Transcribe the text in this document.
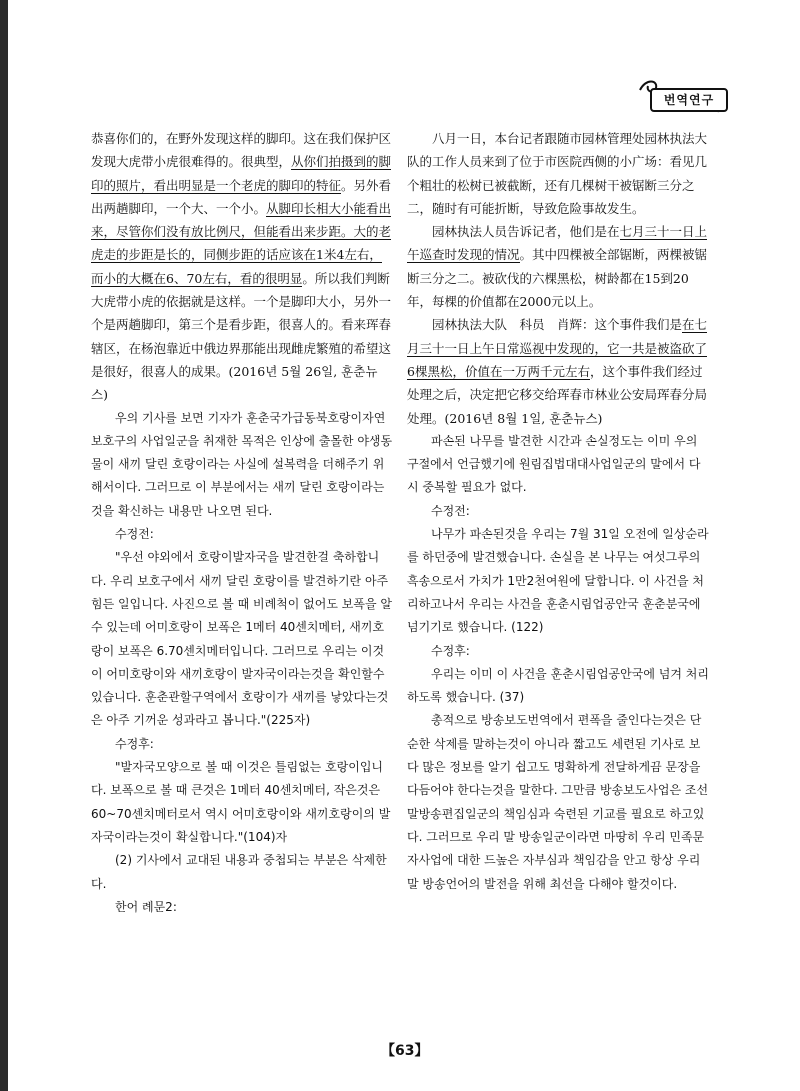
번역연구

恭喜你们的，在野外发现这样的脚印。这在我们保护区发现大虎带小虎很难得的。很典型，从你们拍摄到的脚印的照片，看出明显是一个老虎的脚印的特征。另外看出两趟脚印，一个大、一个小。从脚印长相大小能看出来，尽管你们没有放比例尺，但能看出来步距。大的老虎走的步距是长的，同侧步距的话应该在1米4左右，而小的大概在6、70左右，看的很明显。所以我们判断大虎带小虎的依据就是这样。一个是脚印大小，另外一个是两趟脚印，第三个是看步距，很喜人的。看来珲春辖区，在杨泡靠近中俄边界那能出现雌虎繁殖的希望这是很好，很喜人的成果。(2016년 5월 26일, 훈춘뉴스)

우의 기사를 보면 기자가 훈춘국가급동북호랑이자연보호구의 사업일군을 취재한 목적은 인상에 출몰한 야생동물이 새끼 달린 호랑이라는 사실에 설복력을 더해주기 위해서이다. 그러므로 이 부분에서는 새끼 달린 호랑이라는것을 확신하는 내용만 나오면 된다.

수정전:

"우선 야외에서 호랑이발자국을 발견한걸 축하합니다. 우리 보호구에서 새끼 달린 호랑이를 발견하기란 아주 힘든 일입니다. 사진으로 볼 때 비례척이 없어도 보폭을 알수 있는데 어미호랑이 보폭은 1메터 40센치메터, 새끼호랑이 보폭은 6.70센치메터입니다. 그러므로 우리는 이것이 어미호랑이와 새끼호랑이 발자국이라는것을 확인할수 있습니다. 훈춘관할구역에서 호랑이가 새끼를 낳았다는것은 아주 기꺼운 성과라고 봅니다."(225자)

수정후:

"발자국모양으로 볼 때 이것은 틀림없는 호랑이입니다. 보폭으로 볼 때 큰것은 1메터 40센치메터, 작은것은 60~70센치메터로서 역시 어미호랑이와 새끼호랑이의 발자국이라는것이 확실합니다."(104)자

(2) 기사에서 교대된 내용과 중첩되는 부분은 삭제한다.

한어 례문2:

八月一日，本台记者跟随市园林管理处园林执法大队的工作人员来到了位于市医院西侧的小广场：看见几个粗壮的松树已被截断，还有几棵树干被锯断三分之二，随时有可能折断，导致危险事故发生。

园林执法人员告诉记者，他们是在七月三十一日上午巡查时发现的情况。其中四棵被全部锯断，两棵被锯断三分之二。被砍伐的六棵黑松，树龄都在15到20年，每棵的价值都在2000元以上。

园林执法大队　科员　肖辉：这个事件我们是在七月三十一日上午日常巡视中发现的，它一共是被盗砍了6棵黑松，价值在一万两千元左右，这个事件我们经过处理之后，决定把它移交给珲春市林业公安局珲春分局处理。(2016년 8월 1일, 훈춘뉴스)

파손된 나무를 발견한 시간과 손실정도는 이미 우의 구절에서 언급했기에 원림집법대대사업일군의 말에서 다시 중복할 필요가 없다.

수정전:

나무가 파손된것을 우리는 7월 31일 오전에 일상순라를 하던중에 발견했습니다. 손실을 본 나무는 여섯그루의 흑송으로서 가치가 1만2천여원에 달합니다. 이 사건을 처리하고나서 우리는 사건을 훈춘시림업공안국 훈춘분국에 넘기기로 했습니다. (122)

수정후:

우리는 이미 이 사건을 훈춘시림업공안국에 넘겨 처리하도록 했습니다. (37)

총적으로 방송보도번역에서 편폭을 줄인다는것은 단순한 삭제를 말하는것이 아니라 짧고도 세련된 기사로 보다 많은 정보를 알기 쉽고도 명확하게 전달하게끔 문장을 다듬어야 한다는것을 말한다. 그만큼 방송보도사업은 조선말방송편집일군의 책임심과 숙련된 기교를 필요로 하고있다. 그러므로 우리 말 방송일군이라면 마땅히 우리 민족문자사업에 대한 드높은 자부심과 책임감을 안고 항상 우리 말 방송언어의 발전을 위해 최선을 다해야 할것이다.

【63】
